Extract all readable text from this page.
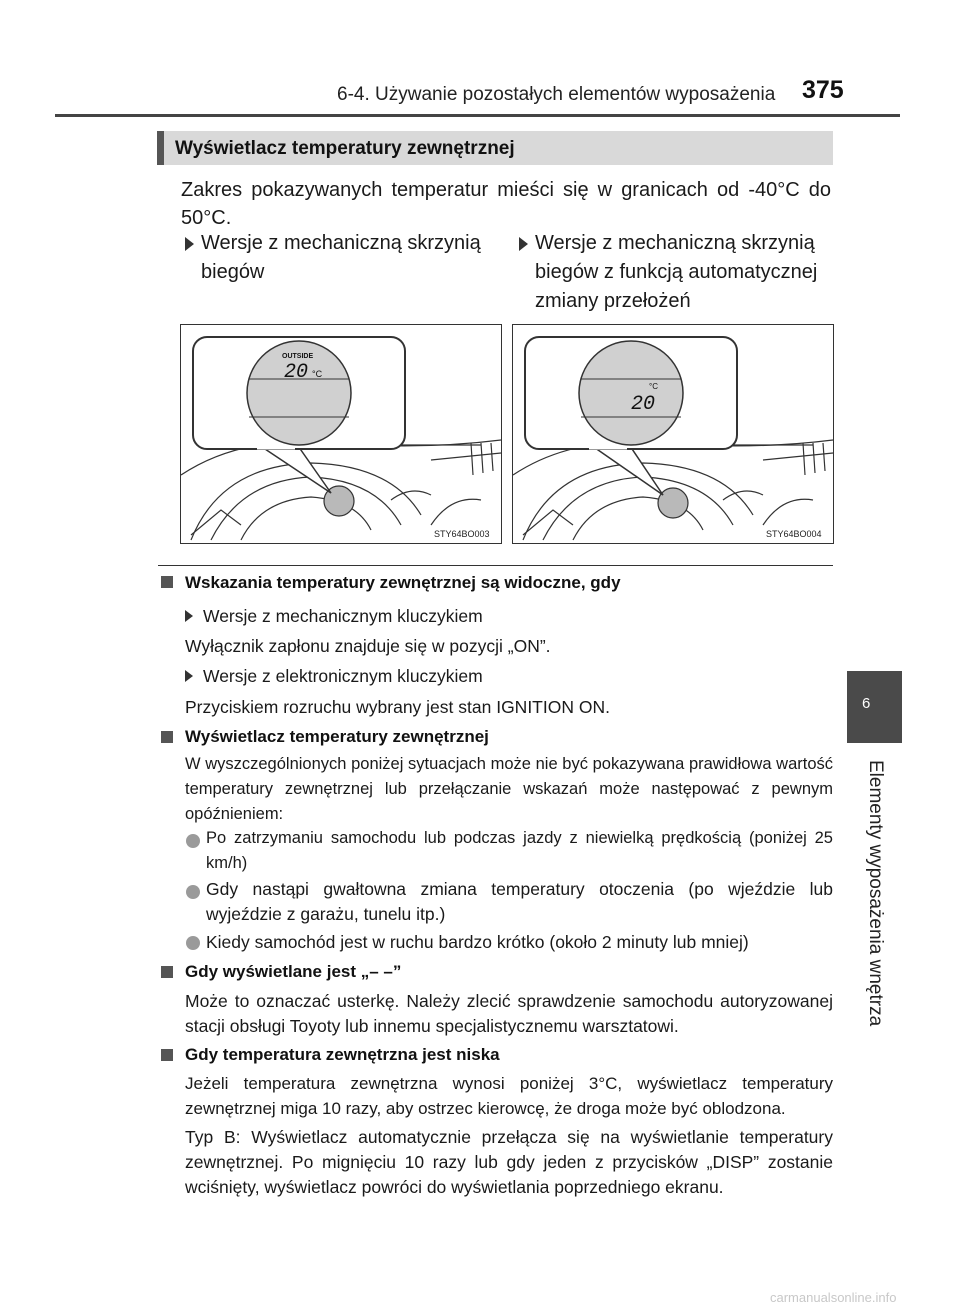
6-4. Używanie pozostałych elementów wyposażenia 375
6
Elementy wyposażenia wnętrza
Wyświetlacz temperatury zewnętrznej
Zakres pokazywanych temperatur mieści się w granicach od -40°C do 50°C.
Wersje z mechaniczną skrzynią biegów
Wersje z mechaniczną skrzynią biegów z funkcją automatycznej zmiany przełożeń
OUTSIDE
20 °C
STY64BO003
°C
20
STY64BO004
Wskazania temperatury zewnętrznej są widoczne, gdy
Wersje z mechanicznym kluczykiem
Wyłącznik zapłonu znajduje się w pozycji „ON”.
Wersje z elektronicznym kluczykiem
Przyciskiem rozruchu wybrany jest stan IGNITION ON.
Wyświetlacz temperatury zewnętrznej
W wyszczególnionych poniżej sytuacjach może nie być pokazywana prawidłowa wartość temperatury zewnętrznej lub przełączanie wskazań może następować z pewnym opóźnieniem:
Po zatrzymaniu samochodu lub podczas jazdy z niewielką prędkością (poniżej 25 km/h)
Gdy nastąpi gwałtowna zmiana temperatury otoczenia (po wjeździe lub wyjeździe z garażu, tunelu itp.)
Kiedy samochód jest w ruchu bardzo krótko (około 2 minuty lub mniej)
Gdy wyświetlane jest „– –”
Może to oznaczać usterkę. Należy zlecić sprawdzenie samochodu autoryzowanej stacji obsługi Toyoty lub innemu specjalistycznemu warsztatowi.
Gdy temperatura zewnętrzna jest niska
Jeżeli temperatura zewnętrzna wynosi poniżej 3°C, wyświetlacz temperatury zewnętrznej miga 10 razy, aby ostrzec kierowcę, że droga może być oblodzona.
Typ B: Wyświetlacz automatycznie przełącza się na wyświetlanie temperatury zewnętrznej. Po mignięciu 10 razy lub gdy jeden z przycisków „DISP” zostanie wciśnięty, wyświetlacz powróci do wyświetlania poprzedniego ekranu.
carmanualsonline.info
